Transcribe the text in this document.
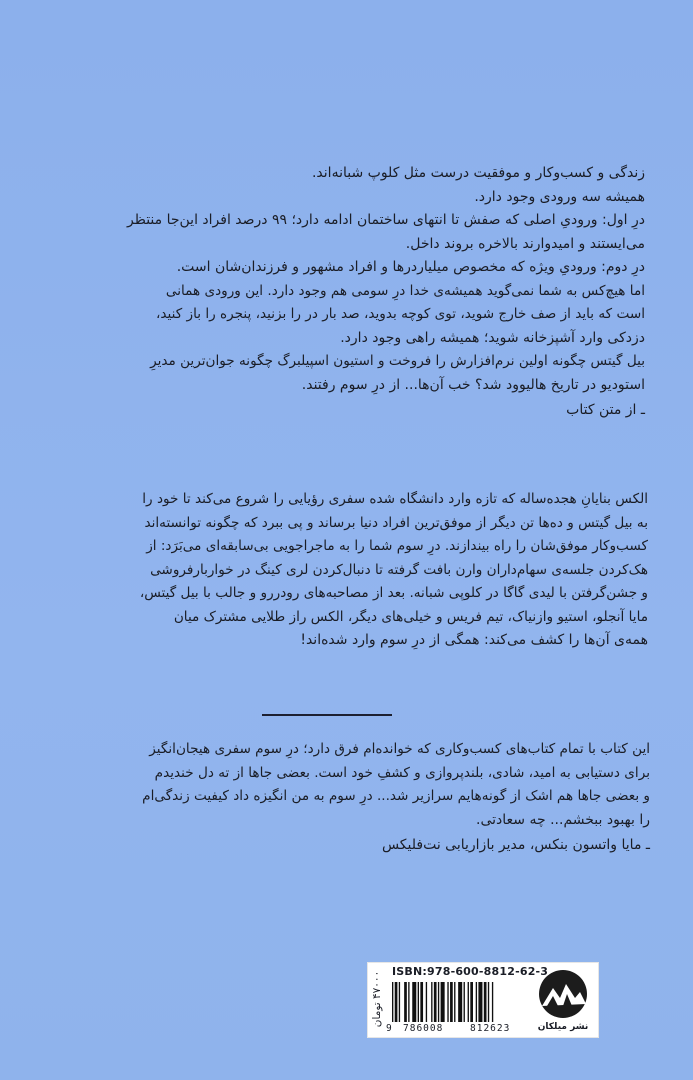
زندگی و کسب‌وکار و موفقیت درست مثل کلوپ شبانه‌اند.
همیشه سه ورودی وجود دارد.
درِ اول: ورودیِ اصلی که صفش تا انتهای ساختمان ادامه دارد؛ ۹۹ درصد افراد این‌جا منتظر
می‌ایستند و امیدوارند بالاخره بروند داخل.
درِ دوم: ورودیِ ویژه که مخصوص میلیاردرها و افراد مشهور و فرزندان‌شان است.
اما هیچ‌کس به شما نمی‌گوید همیشه‌ی خدا درِ سومی هم وجود دارد. این ورودی همانی
است که باید از صف خارج شوید، توی کوچه بدوید، صد بار در را بزنید، پنجره را باز کنید،
دزدکی وارد آشپزخانه شوید؛ همیشه راهی وجود دارد.
بیل گیتس چگونه اولین نرم‌افزارش را فروخت و استیون اسپیلبرگ چگونه جوان‌ترین مدیرِ
استودیو در تاریخ هالیوود شد؟ خب آن‌ها... از درِ سوم رفتند.
ـ از متن کتاب
الکس بنایانِ هجده‌ساله که تازه وارد دانشگاه شده سفری رؤیایی را شروع می‌کند تا خود را
به بیل گیتس و ده‌ها تن دیگر از موفق‌ترین افراد دنیا برساند و پی ببرد که چگونه توانسته‌اند
کسب‌وکار موفق‌شان را راه بیندازند. درِ سوم شما را به ماجراجویی بی‌سابقه‌ای می‌بَرَد: از
هک‌کردن جلسه‌ی سهام‌داران وارن بافت گرفته تا دنبال‌کردن لری کینگ در خواربارفروشی
و جشن‌گرفتن با لیدی گاگا در کلوپی شبانه. بعد از مصاحبه‌های رودررو و جالب با بیل گیتس،
مایا آنجلو، استیو وازنیاک، تیم فریس و خیلی‌های دیگر، الکس راز طلایی مشترک میان
همه‌ی آن‌ها را کشف می‌کند: همگی از درِ سوم وارد شده‌اند!
این کتاب با تمام کتاب‌های کسب‌وکاری که خوانده‌ام فرق دارد؛ درِ سوم سفری هیجان‌انگیز
برای دستیابی به امید، شادی، بلندپروازی و کشفِ خود است. بعضی جاها از ته دل خندیدم
و بعضی جاها هم اشک از گونه‌هایم سرازیر شد... درِ سوم به من انگیزه داد کیفیت زندگی‌ام
را بهبود ببخشم... چه سعادتی.
ـ مایا واتسون بنکس، مدیر بازاریابی نت‌فلیکس
۴۷۰۰۰ تومان ISBN:978-600-8812-62-3
9 786008	812623	نشر میلکان
